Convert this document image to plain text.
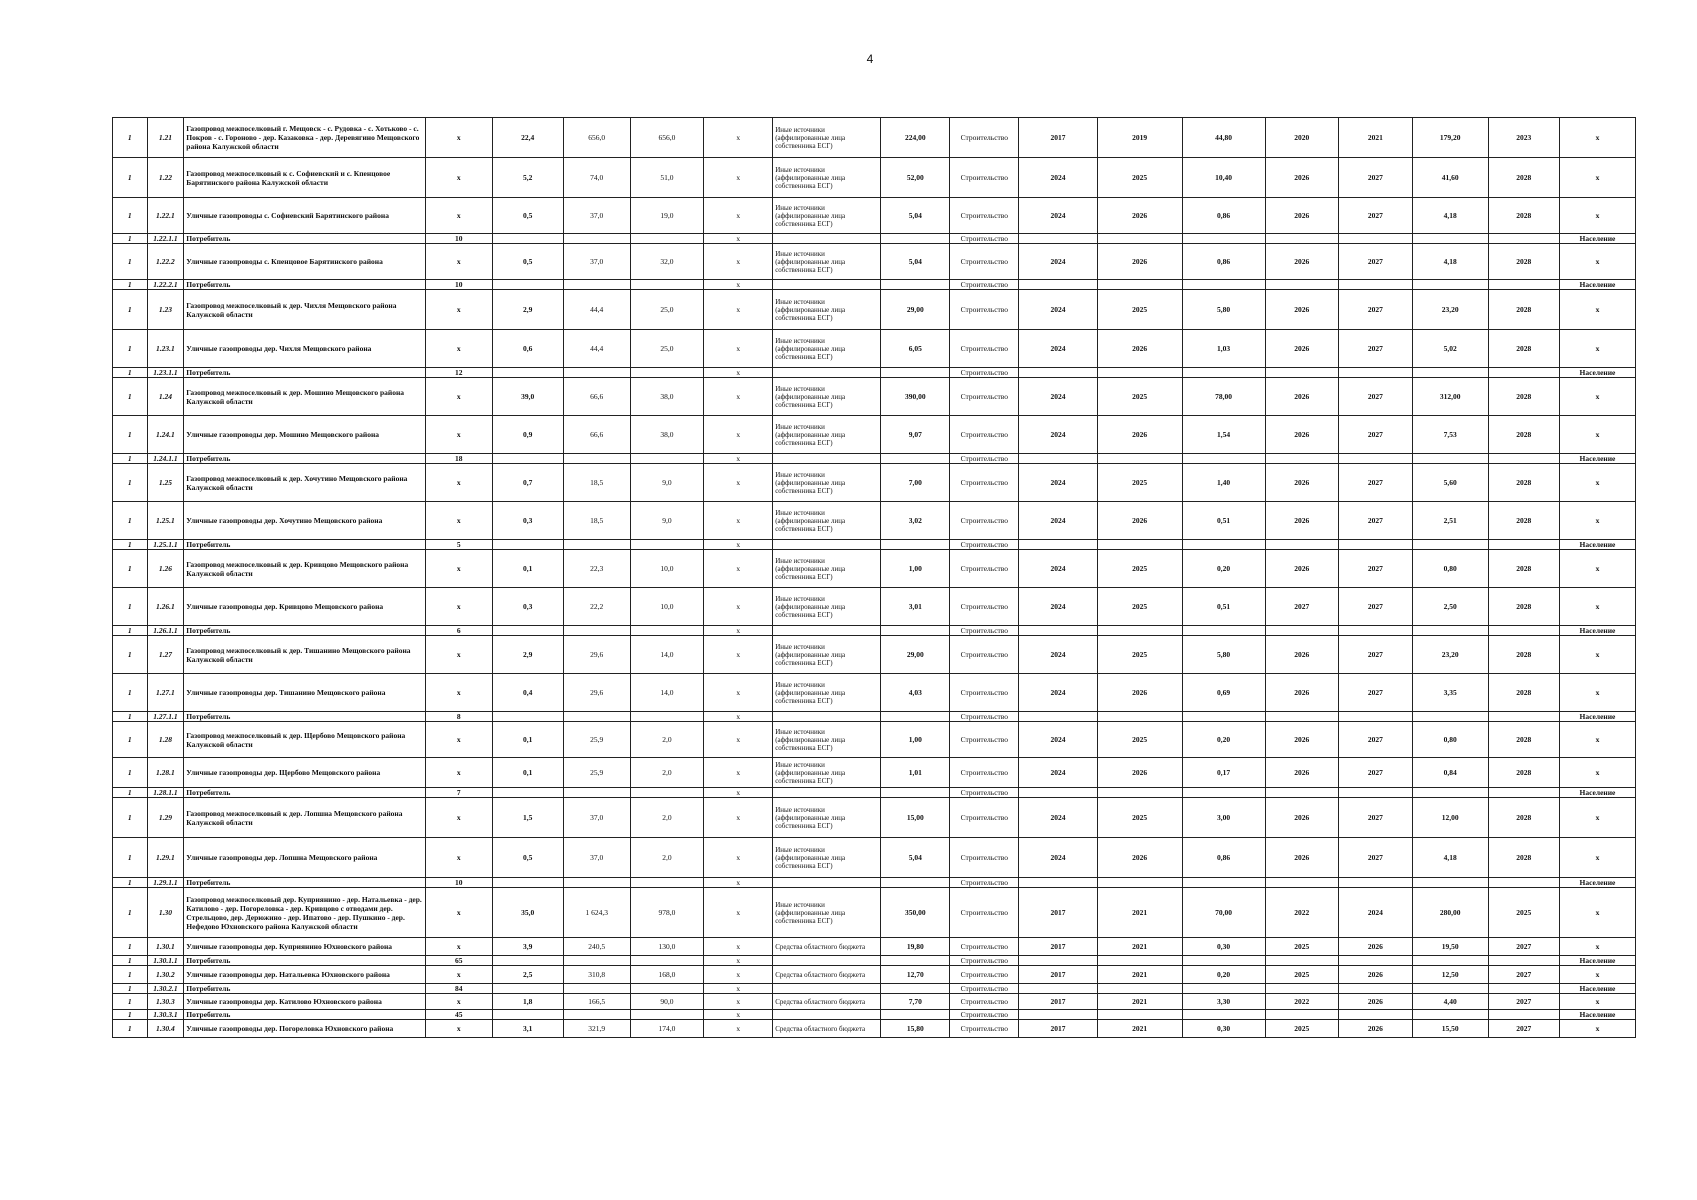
4
1	1.21	Газопровод межпоселковый г. Мещовск - с. Рудовка - с. Хотьково - с. Покров - с. Гороново - дер. Казаковка - дер. Деревягино Мещовского района Калужской области	х	22,4	656,0	656,0	х	Иные источники (аффилированные лица собственника ЕСГ)	224,00	Строительство	2017	2019	44,80	2020	2021	179,20	2023	х
1	1.22	Газопровод межпоселковый к с. Софиевский и с. Кпенцовое Барятинского района Калужской области	х	5,2	74,0	51,0	х	Иные источники (аффилированные лица собственника ЕСГ)	52,00	Строительство	2024	2025	10,40	2026	2027	41,60	2028	х
1	1.22.1	Уличные газопроводы с. Софиевский Барятинского района	х	0,5	37,0	19,0	х	Иные источники (аффилированные лица собственника ЕСГ)	5,04	Строительство	2024	2026	0,86	2026	2027	4,18	2028	х
1	1.22.1.1	Потребитель	10				х			Строительство								Население
1	1.22.2	Уличные газопроводы с. Кпенцовое Барятинского района	х	0,5	37,0	32,0	х	Иные источники (аффилированные лица собственника ЕСГ)	5,04	Строительство	2024	2026	0,86	2026	2027	4,18	2028	х
1	1.22.2.1	Потребитель	10				х			Строительство								Население
1	1.23	Газопровод межпоселковый к дер. Чихля Мещовского района Калужской области	х	2,9	44,4	25,0	х	Иные источники (аффилированные лица собственника ЕСГ)	29,00	Строительство	2024	2025	5,80	2026	2027	23,20	2028	х
1	1.23.1	Уличные газопроводы дер. Чихля Мещовского района	х	0,6	44,4	25,0	х	Иные источники (аффилированные лица собственника ЕСГ)	6,05	Строительство	2024	2026	1,03	2026	2027	5,02	2028	х
1	1.23.1.1	Потребитель	12				х			Строительство								Население
1	1.24	Газопровод межпоселковый к дер. Мошино Мещовского района Калужской области	х	39,0	66,6	38,0	х	Иные источники (аффилированные лица собственника ЕСГ)	390,00	Строительство	2024	2025	78,00	2026	2027	312,00	2028	х
1	1.24.1	Уличные газопроводы дер. Мошино Мещовского района	х	0,9	66,6	38,0	х	Иные источники (аффилированные лица собственника ЕСГ)	9,07	Строительство	2024	2026	1,54	2026	2027	7,53	2028	х
1	1.24.1.1	Потребитель	18				х			Строительство								Население
1	1.25	Газопровод межпоселковый к дер. Хочутино Мещовского района Калужской области	х	0,7	18,5	9,0	х	Иные источники (аффилированные лица собственника ЕСГ)	7,00	Строительство	2024	2025	1,40	2026	2027	5,60	2028	х
1	1.25.1	Уличные газопроводы дер. Хочутино Мещовского района	х	0,3	18,5	9,0	х	Иные источники (аффилированные лица собственника ЕСГ)	3,02	Строительство	2024	2026	0,51	2026	2027	2,51	2028	х
1	1.25.1.1	Потребитель	5				х			Строительство								Население
1	1.26	Газопровод межпоселковый к дер. Кривцово Мещовского района Калужской области	х	0,1	22,3	10,0	х	Иные источники (аффилированные лица собственника ЕСГ)	1,00	Строительство	2024	2025	0,20	2026	2027	0,80	2028	х
1	1.26.1	Уличные газопроводы дер. Кривцово Мещовского района	х	0,3	22,2	10,0	х	Иные источники (аффилированные лица собственника ЕСГ)	3,01	Строительство	2024	2025	0,51	2027	2027	2,50	2028	х
1	1.26.1.1	Потребитель	6				х			Строительство								Население
1	1.27	Газопровод межпоселковый к дер. Тишанино Мещовского района Калужской области	х	2,9	29,6	14,0	х	Иные источники (аффилированные лица собственника ЕСГ)	29,00	Строительство	2024	2025	5,80	2026	2027	23,20	2028	х
1	1.27.1	Уличные газопроводы дер. Тишанино Мещовского района	х	0,4	29,6	14,0	х	Иные источники (аффилированные лица собственника ЕСГ)	4,03	Строительство	2024	2026	0,69	2026	2027	3,35	2028	х
1	1.27.1.1	Потребитель	8				х			Строительство								Население
1	1.28	Газопровод межпоселковый к дер. Щербово Мещовского района Калужской области	х	0,1	25,9	2,0	х	Иные источники (аффилированные лица собственника ЕСГ)	1,00	Строительство	2024	2025	0,20	2026	2027	0,80	2028	х
1	1.28.1	Уличные газопроводы дер. Щербово Мещовского района	х	0,1	25,9	2,0	х	Иные источники (аффилированные лица собственника ЕСГ)	1,01	Строительство	2024	2026	0,17	2026	2027	0,84	2028	х
1	1.28.1.1	Потребитель	7				х			Строительство								Население
1	1.29	Газопровод межпоселковый к дер. Лопшна Мещовского района Калужской области	х	1,5	37,0	2,0	х	Иные источники (аффилированные лица собственника ЕСГ)	15,00	Строительство	2024	2025	3,00	2026	2027	12,00	2028	х
1	1.29.1	Уличные газопроводы дер. Лопшна Мещовского района	х	0,5	37,0	2,0	х	Иные источники (аффилированные лица собственника ЕСГ)	5,04	Строительство	2024	2026	0,86	2026	2027	4,18	2028	х
1	1.29.1.1	Потребитель	10				х			Строительство								Население
1	1.30	Газопровод межпоселковый дер. Куприянино - дер. Натальевка - дер. Катилово - дер. Погореловка - дер. Кривцово с отводами дер. Стрельцово, дер. Дерюжино - дер. Ипатово - дер. Пушкино - дер. Нефедово Юхновского района Калужской области	х	35,0	1 624,3	978,0	х	Иные источники (аффилированные лица собственника ЕСГ)	350,00	Строительство	2017	2021	70,00	2022	2024	280,00	2025	х
1	1.30.1	Уличные газопроводы дер. Куприянино Юхновского района	х	3,9	240,5	130,0	х	Средства областного бюджета	19,80	Строительство	2017	2021	0,30	2025	2026	19,50	2027	х
1	1.30.1.1	Потребитель	65				х			Строительство								Население
1	1.30.2	Уличные газопроводы дер. Натальевка Юхновского района	х	2,5	310,8	168,0	х	Средства областного бюджета	12,70	Строительство	2017	2021	0,20	2025	2026	12,50	2027	х
1	1.30.2.1	Потребитель	84				х			Строительство								Население
1	1.30.3	Уличные газопроводы дер. Катилово Юхновского района	х	1,8	166,5	90,0	х	Средства областного бюджета	7,70	Строительство	2017	2021	3,30	2022	2026	4,40	2027	х
1	1.30.3.1	Потребитель	45				х			Строительство								Население
1	1.30.4	Уличные газопроводы дер. Погореловка Юхновского района	х	3,1	321,9	174,0	х	Средства областного бюджета	15,80	Строительство	2017	2021	0,30	2025	2026	15,50	2027	х
